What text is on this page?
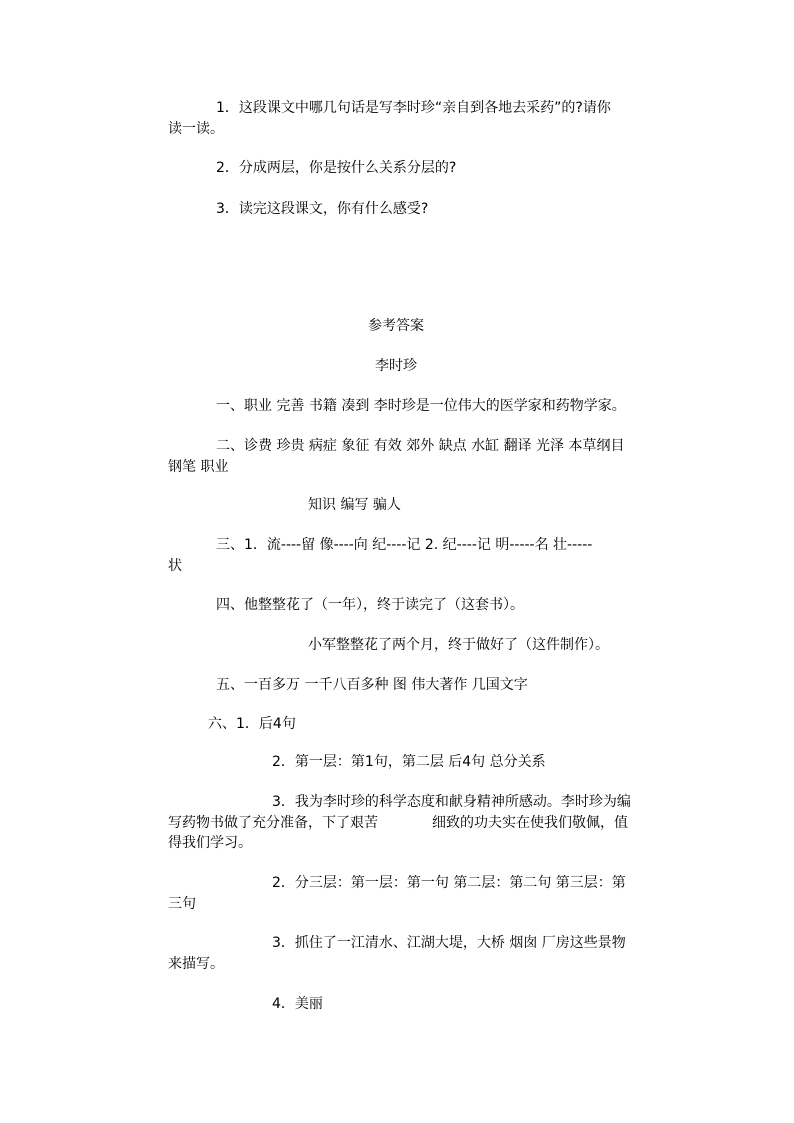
1．这段课文中哪几句话是写李时珍“亲自到各地去采药”的?请你
读一读。
2．分成两层，你是按什么关系分层的?
3．读完这段课文，你有什么感受?
参考答案
李时珍
一、职业 完善 书籍 凑到 李时珍是一位伟大的医学家和药物学家。
二、诊费 珍贵 病症 象征 有效 郊外 缺点 水缸 翻译 光泽 本草纲目
钢笔 职业
知识 编写 骗人
三、1．流----留 像----向 纪----记 2. 纪----记 明-----名 壮-----
状
四、他整整花了（一年），终于读完了（这套书）。
小军整整花了两个月，终于做好了（这件制作）。
五、一百多万 一千八百多种 图 伟大著作 几国文字
六、1．后4句
2．第一层：第1句，第二层 后4句 总分关系
3．我为李时珍的科学态度和献身精神所感动。李时珍为编
写药物书做了充分准备，下了艰苦	细致的功夫实在使我们敬佩，值
得我们学习。
2．分三层：第一层：第一句 第二层：第二句 第三层：第
三句
3．抓住了一江清水、江湖大堤，大桥 烟囱 厂房这些景物
来描写。
4．美丽
